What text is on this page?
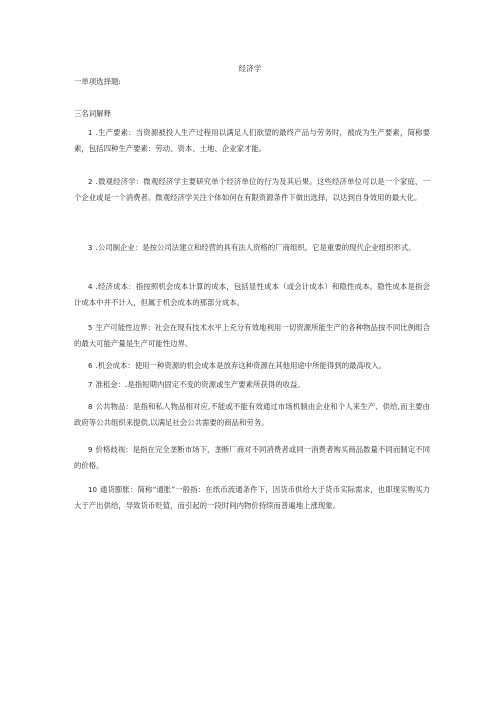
经济学
一单项选择题:
三名词解释
1 .生产要素：当资源被投入生产过程用以满足人们欲望的最终产品与劳务时，被成为生产要素，简称要素，包括四种生产要素：劳动、资本、土地、企业家才能。
2 .微观经济学：微观经济学主要研究单个经济单位的行为及其后果。这些经济单位可以是一个家庭、一个企业或是一个消费者。微观经济学关注个体如何在有限资源条件下做出选择，以达到自身效用的最大化。
3 .公司制企业：是按公司法建立和经营的具有法人资格的厂商组织。它是重要的现代企业组织形式。
4 .经济成本：指按照机会成本计算的成本，包括显性成本（或会计成本）和隐性成本。隐性成本是指会计成本中并不计入，但属于机会成本的那部分成本。
5 生产可能性边界：社会在现有技术水平上充分有效地利用一切资源所能生产的各种物品按不同比例组合的最大可能产量是生产可能性边界。
6 .机会成本：使用一种资源的机会成本是放弃这种资源在其他用途中所能得到的最高收入。
7 准租金：.是指短期内固定不变的资源或生产要素所获得的收益。
8 公共物品：是指和私人物品相对应,不能或不能有效通过市场机制由企业和个人来生产、供给,而主要由政府等公共组织来提供,以满足社会公共需要的商品和劳务。
9 价格歧视：是指在完全垄断市场下，垄断厂商对不同消费者或同一消费者购买商品数量不同而制定不同的价格。
10 通货膨胀：简称“通胀”一般指：在纸币流通条件下，因货币供给大于货币实际需求，也即现实购买力大于产出供给，导致货币贬值，而引起的一段时间内物价持续而普遍地上涨现象。
